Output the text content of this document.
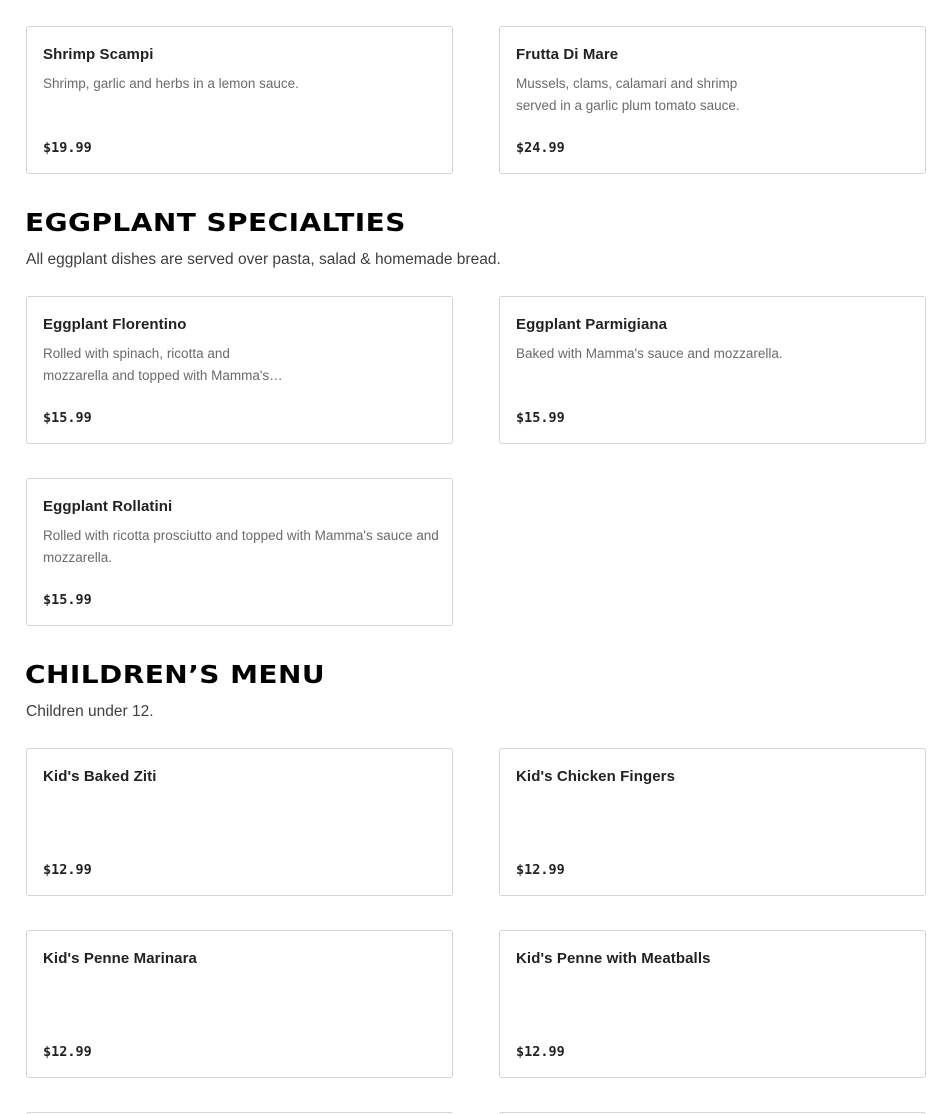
Shrimp Scampi
Shrimp, garlic and herbs in a lemon sauce.
$19.99
Frutta Di Mare
Mussels, clams, calamari and shrimp served in a garlic plum tomato sauce.
$24.99
EGGPLANT SPECIALTIES
All eggplant dishes are served over pasta, salad & homemade bread.
Eggplant Florentino
Rolled with spinach, ricotta and mozzarella and topped with Mamma's…
$15.99
Eggplant Parmigiana
Baked with Mamma's sauce and mozzarella.
$15.99
Eggplant Rollatini
Rolled with ricotta prosciutto and topped with Mamma's sauce and mozzarella.
$15.99
CHILDREN’S MENU
Children under 12.
Kid's Baked Ziti
$12.99
Kid's Chicken Fingers
$12.99
Kid's Penne Marinara
$12.99
Kid's Penne with Meatballs
$12.99
